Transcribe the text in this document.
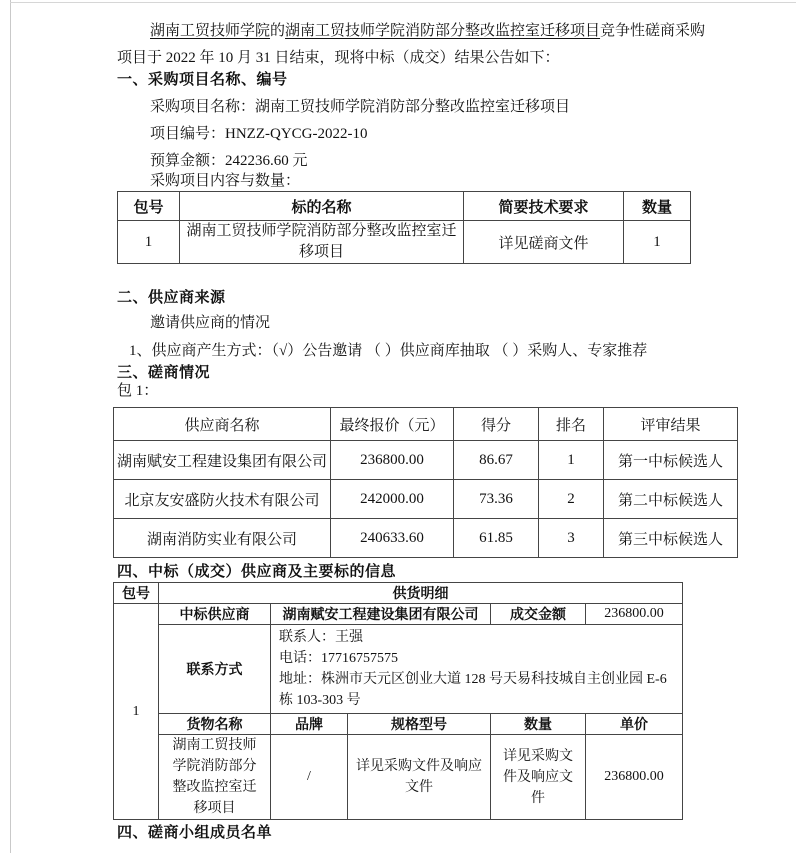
湖南工贸技师学院的湖南工贸技师学院消防部分整改监控室迁移项目竞争性磋商采购
项目于 2022 年 10 月 31 日结束，现将中标（成交）结果公告如下：
一、采购项目名称、编号
采购项目名称：湖南工贸技师学院消防部分整改监控室迁移项目
项目编号：HNZZ-QYCG-2022-10
预算金额：242236.60 元
采购项目内容与数量：
包号	标的名称	简要技术要求	数量
1	湖南工贸技师学院消防部分整改监控室迁移项目	详见磋商文件	1
二、供应商来源
邀请供应商的情况
1、供应商产生方式：（√）公告邀请 （ ）供应商库抽取 （ ）采购人、专家推荐
三、磋商情况
包 1：
供应商名称	最终报价（元）	得分	排名	评审结果
湖南赋安工程建设集团有限公司	236800.00	86.67	1	第一中标候选人
北京友安盛防火技术有限公司	242000.00	73.36	2	第二中标候选人
湖南消防实业有限公司	240633.60	61.85	3	第三中标候选人
四、中标（成交）供应商及主要标的信息
包号	供货明细				
1	中标供应商	湖南赋安工程建设集团有限公司		成交金额	236800.00
	联系方式	联系人：王强
电话：17716757575
地址：株洲市天元区创业大道 128 号天易科技城自主创业园 E-6 栋 103-303 号			

	货物名称	品牌	规格型号	数量	单价
	湖南工贸技师学院消防部分整改监控室迁移项目	/	详见采购文件及响应文件	详见采购文件及响应文件	236800.00
四、磋商小组成员名单
